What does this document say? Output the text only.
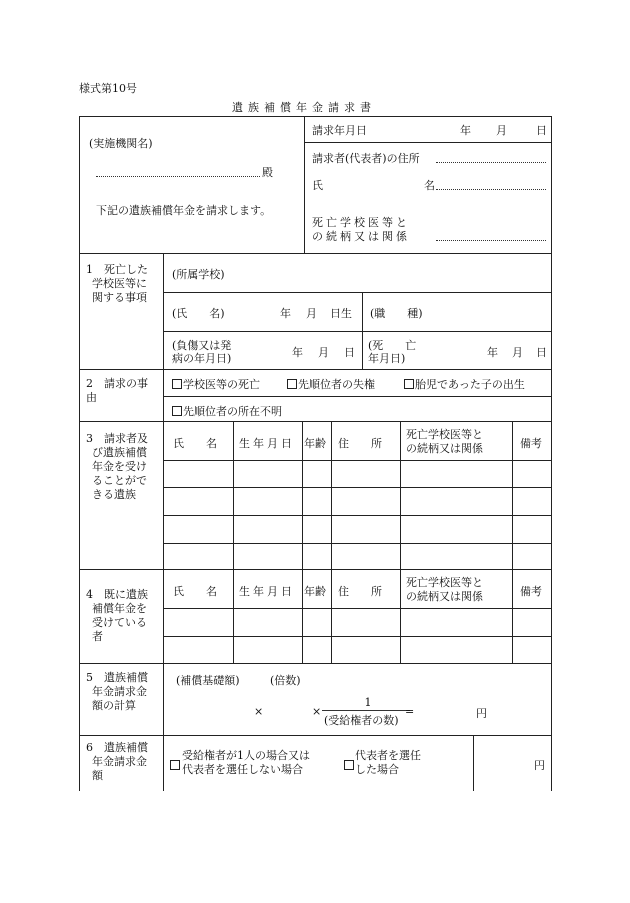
様式第10号
遺族補償年金請求書
(実施機関名)
殿
下記の遺族補償年金を請求します。
請求年月日	年 月	日
請求者(代表者)の住所
氏	名
死亡学校医等と
の続柄又は関係
1　死亡した
学校医等に
関する事項
(所属学校)
(氏　　名)	年 月 日生 (職　　種)
(負傷又は発
病の年月日)	年 月 日
(死　　亡
年月日)	年 月 日
2　請求の事
由
学校医等の死亡	先順位者の失権	胎児であった子の出生
先順位者の所在不明
3　請求者及
び遺族補償
年金を受け
ることがで
きる遺族
氏　　名 生年月日 年齢 住　　所
死亡学校医等と
の続柄又は関係	備考
4　既に遺族
補償年金を
受けている
者
氏　　名 生年月日 年齢 住　　所
死亡学校医等と
の続柄又は関係	備考
5　遺族補償
年金請求金
額の計算
(補償基礎額)	(倍数)
×	×
1
(受給権者の数)
=	円
6　遺族補償
年金請求金
額
受給権者が1人の場合又は
代表者を選任しない場合
代表者を選任
した場合	円
